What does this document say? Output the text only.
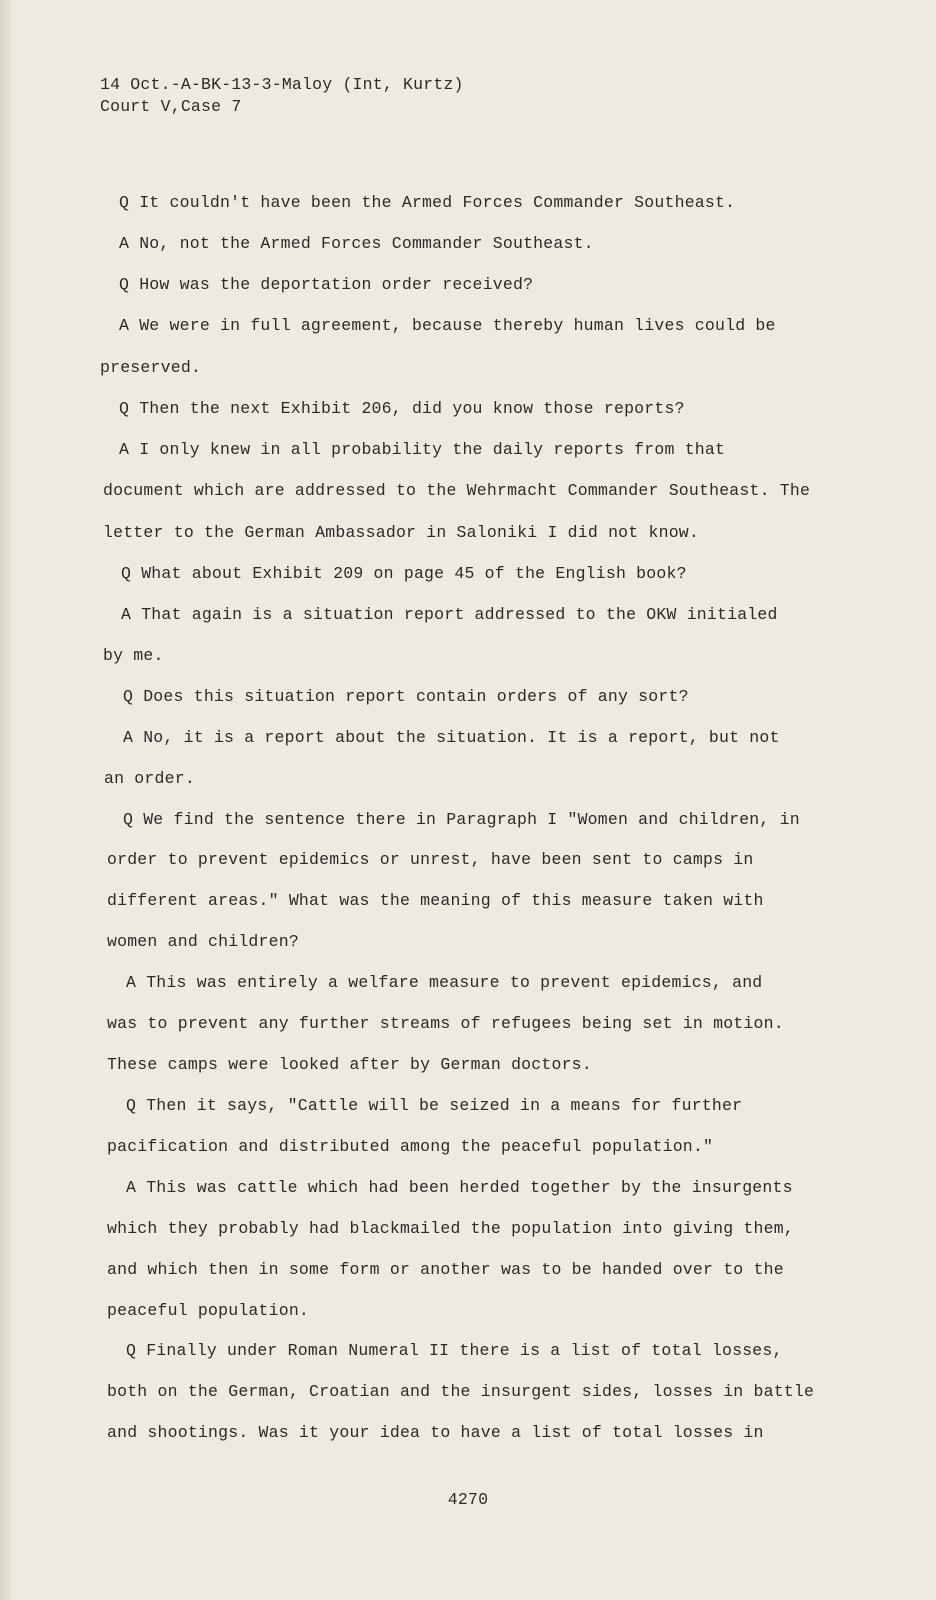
14 Oct.-A-BK-13-3-Maloy (Int, Kurtz)
Court V,Case 7
Q It couldn't have been the Armed Forces Commander Southeast.
A No, not the Armed Forces Commander Southeast.
Q How was the deportation order received?
A We were in full agreement, because thereby human lives could be
preserved.
Q Then the next Exhibit 206, did you know those reports?
A I only knew in all probability the daily reports from that
document which are addressed to the Wehrmacht Commander Southeast. The
letter to the German Ambassador in Saloniki I did not know.
Q What about Exhibit 209 on page 45 of the English book?
A That again is a situation report addressed to the OKW initialed
by me.
Q Does this situation report contain orders of any sort?
A No, it is a report about the situation. It is a report, but not
an order.
Q We find the sentence there in Paragraph I "Women and children, in
order to prevent epidemics or unrest, have been sent to camps in
different areas." What was the meaning of this measure taken with
women and children?
A This was entirely a welfare measure to prevent epidemics, and
was to prevent any further streams of refugees being set in motion.
These camps were looked after by German doctors.
Q Then it says, "Cattle will be seized in a means for further
pacification and distributed among the peaceful population."
A This was cattle which had been herded together by the insurgents
which they probably had blackmailed the population into giving them,
and which then in some form or another was to be handed over to the
peaceful population.
Q Finally under Roman Numeral II there is a list of total losses,
both on the German, Croatian and the insurgent sides, losses in battle
and shootings. Was it your idea to have a list of total losses in
4270
